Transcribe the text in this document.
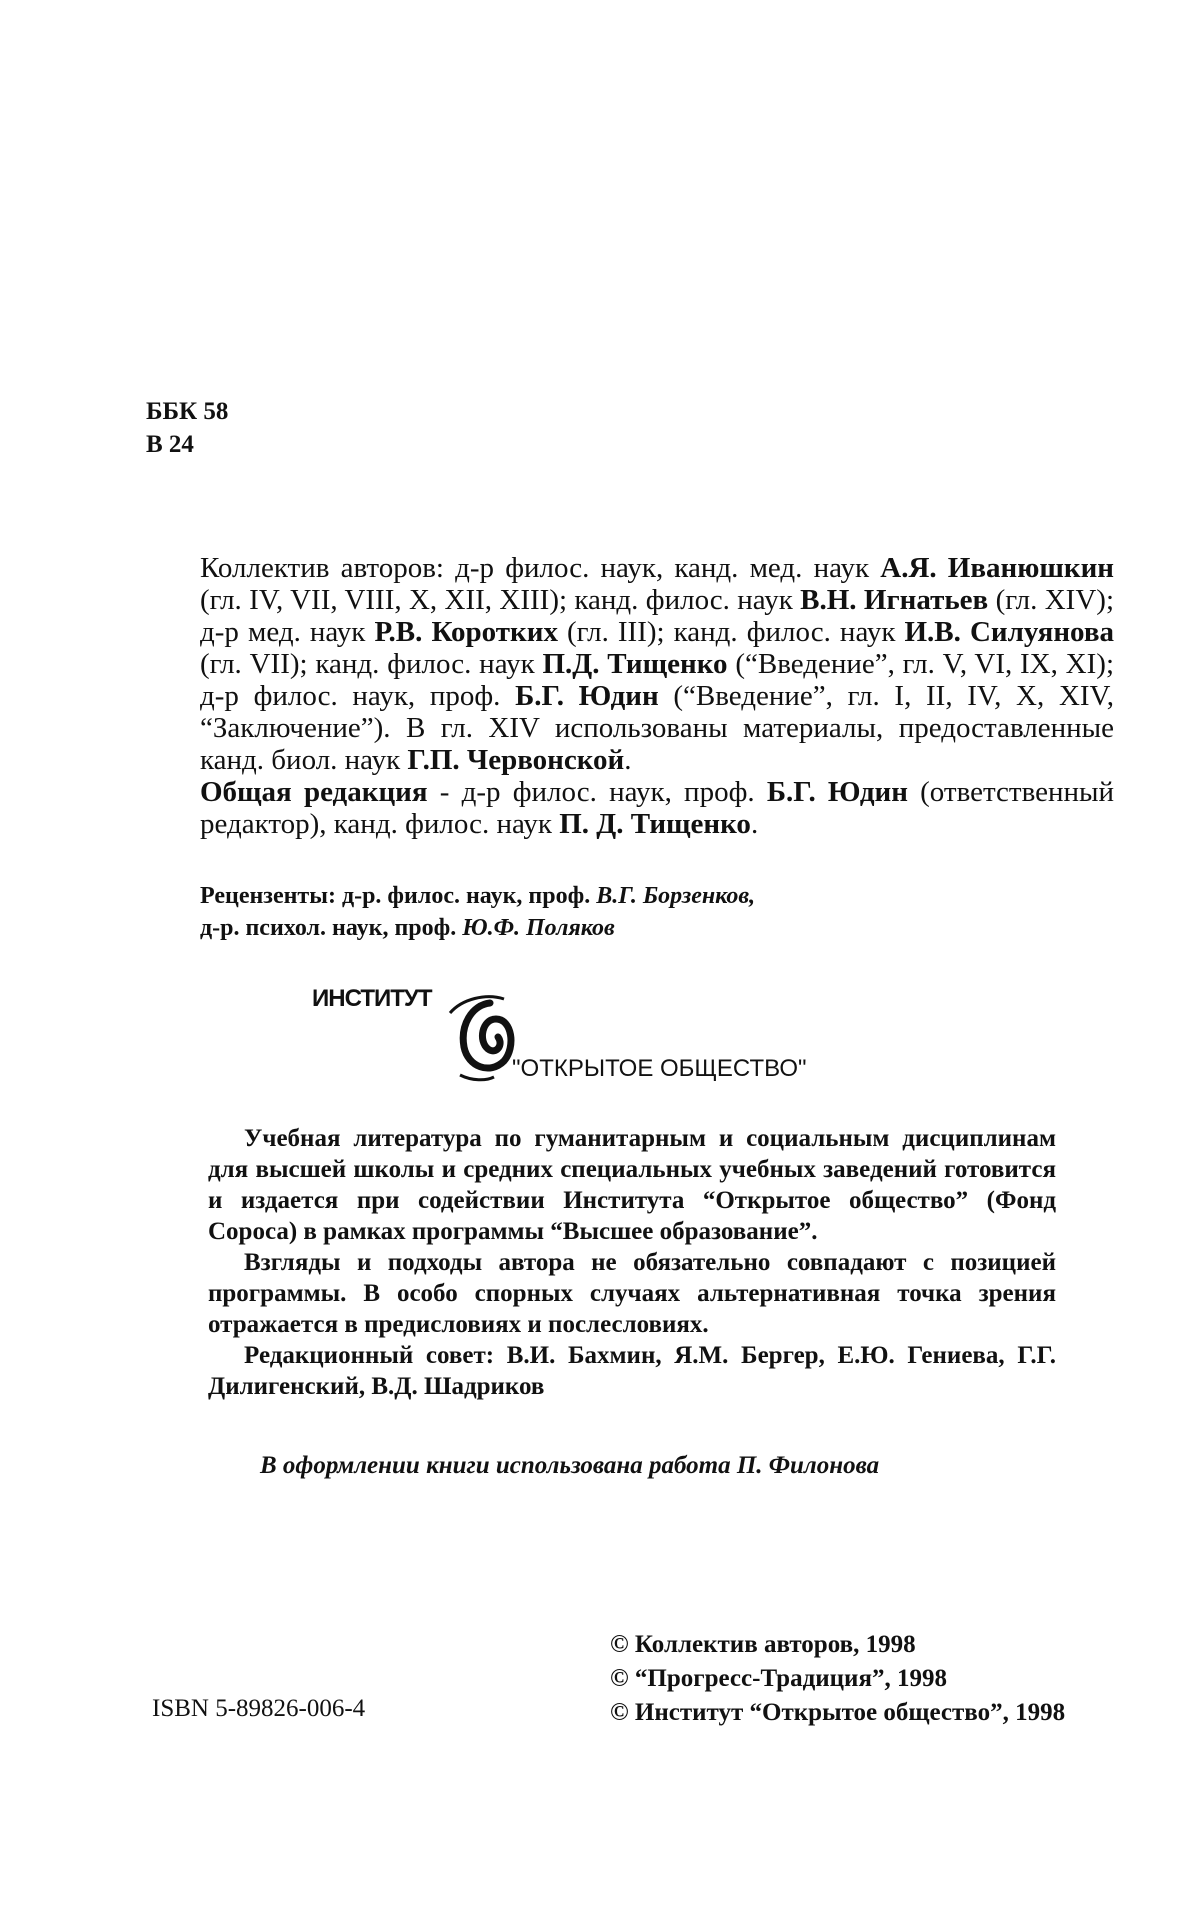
ББК 58
В 24

Коллектив авторов: д-р филос. наук, канд. мед. наук А.Я. Иванюшкин (гл. IV, VII, VIII, X, XII, XIII); канд. филос. наук В.Н. Игнатьев (гл. XIV); д-р мед. наук Р.В. Коротких (гл. III); канд. филос. наук И.В. Силуянова (гл. VII); канд. филос. наук П.Д. Тищенко (“Введение”, гл. V, VI, IX, XI); д-р филос. наук, проф. Б.Г. Юдин (“Введение”, гл. I, II, IV, X, XIV, “Заключение”). В гл. XIV использованы материалы, предоставленные канд. биол. наук Г.П. Червонской.

Общая редакция - д-р филос. наук, проф. Б.Г. Юдин (ответственный редактор), канд. филос. наук П. Д. Тищенко.

Рецензенты: д-р. филос. наук, проф. В.Г. Борзенков,
д-р. психол. наук, проф. Ю.Ф. Поляков
ИНСТИТУТ
"ОТКРЫТОЕ ОБЩЕСТВО"

Учебная литература по гуманитарным и социальным дисциплинам для высшей школы и средних специальных учебных заведений готовится и издается при содействии Института “Открытое общество” (Фонд Сороса) в рамках программы “Высшее образование”.

Взгляды и подходы автора не обязательно совпадают с позицией программы. В особо спорных случаях альтернативная точка зрения отражается в предисловиях и послесловиях.

Редакционный совет: В.И. Бахмин, Я.М. Бергер, Е.Ю. Гениева, Г.Г. Дилигенский, В.Д. Шадриков

В оформлении книги использована работа П. Филонова
ISBN 5-89826-006-4
© Коллектив авторов, 1998
© “Прогресс-Традиция”, 1998
© Институт “Открытое общество”, 1998
